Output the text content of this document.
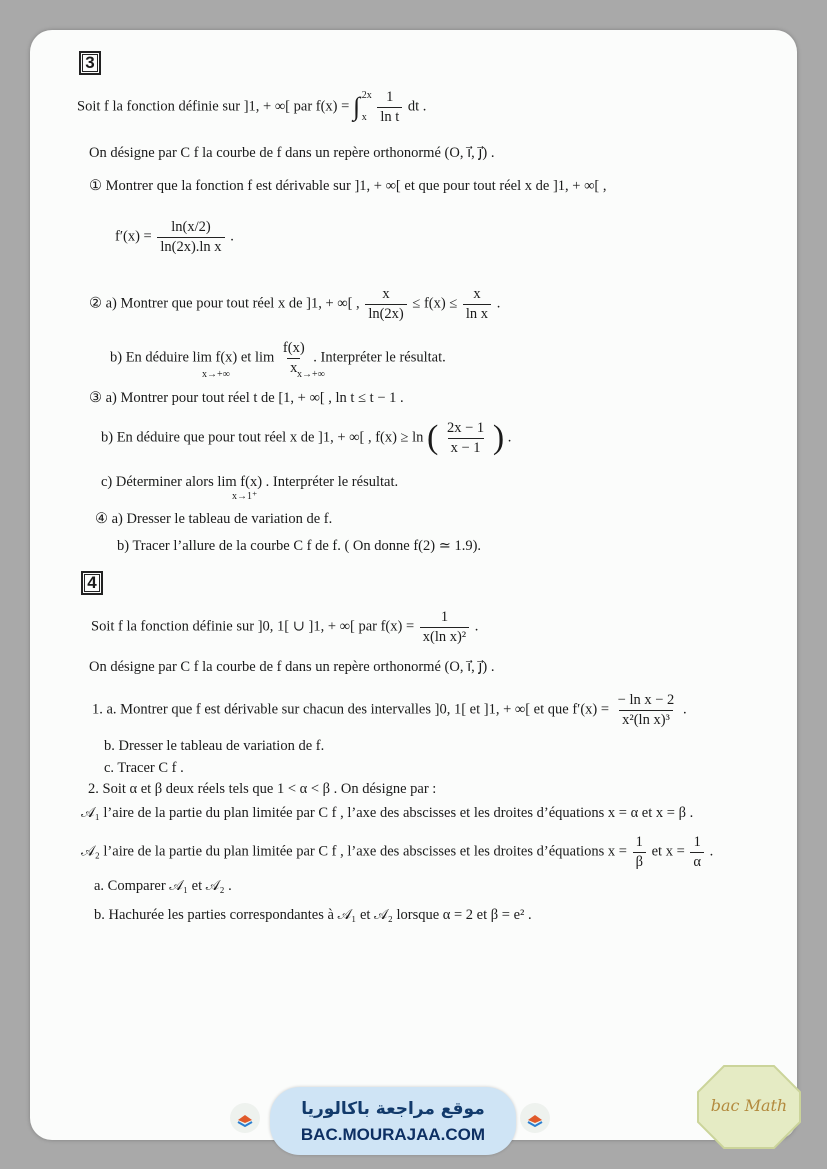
3
Soit f la fonction définie sur ]1, + ∞[ par f(x) = ∫ 2x
x
$\frac{1}{\text{ln t}}$ dt .
On désigne par C f la courbe de f dans un repère orthonormé (O, i⃗, j⃗) .
① Montrer que la fonction f est dérivable sur ]1, + ∞[ et que pour tout réel x de ]1, + ∞[ ,
$f'(x) = \frac{\ln(x/2)}{\text{ln(2x).ln x}}$ .
② a) Montrer que pour tout réel x de ]1, + ∞[ , $\frac{x}{\ln(2x)} \le f(x) \le \frac{x}{\text{ln x}}$ .
b) En déduire lim f(x) et $\lim \frac{f(x)}{x}$ . Interpréter le résultat.
x→+∞	x→+∞
③ a) Montrer pour tout réel t de [1, + ∞[ , ln t ≤ t − 1 .
b) En déduire que pour tout réel x de ]1, + ∞[ , f(x) ≥ ln ( $\frac{2x - 1}{x - 1}$ ) .
c) Déterminer alors lim f(x) . Interpréter le résultat.
x→1⁺
④ a) Dresser le tableau de variation de f.
b) Tracer l’allure de la courbe C f de f. ( On donne f(2) ≃ 1.9).
4
Soit f la fonction définie sur ]0, 1[ ∪ ]1, + ∞[ par $f(x) = \frac{1}{\text{x(ln x)²}}$ .
On désigne par C f la courbe de f dans un repère orthonormé (O, i⃗, j⃗) .
1. a. Montrer que f est dérivable sur chacun des intervalles ]0, 1[ et ]1, + ∞[ et que $f'(x) = \frac{\text{− ln x − 2}}{\text{x²(ln x)³}}$ .
b. Dresser le tableau de variation de f.
c. Tracer C f .
2. Soit α et β deux réels tels que 1 < α < β . On désigne par :
𝒜₁ l’aire de la partie du plan limitée par C f , l’axe des abscisses et les droites d’équations x = α et x = β .
𝒜₂ l’aire de la partie du plan limitée par C f , l’axe des abscisses et les droites d’équations $x = \frac{1}{\beta}$ et $x = \frac{1}{\alpha}$ .
a. Comparer 𝒜₁ et 𝒜₂ .
b. Hachurée les parties correspondantes à 𝒜₁ et 𝒜₂ lorsque α = 2 et β = e² .
موقع مراجعة باكالوريا
BAC.MOURAJAA.COM
bac Math
